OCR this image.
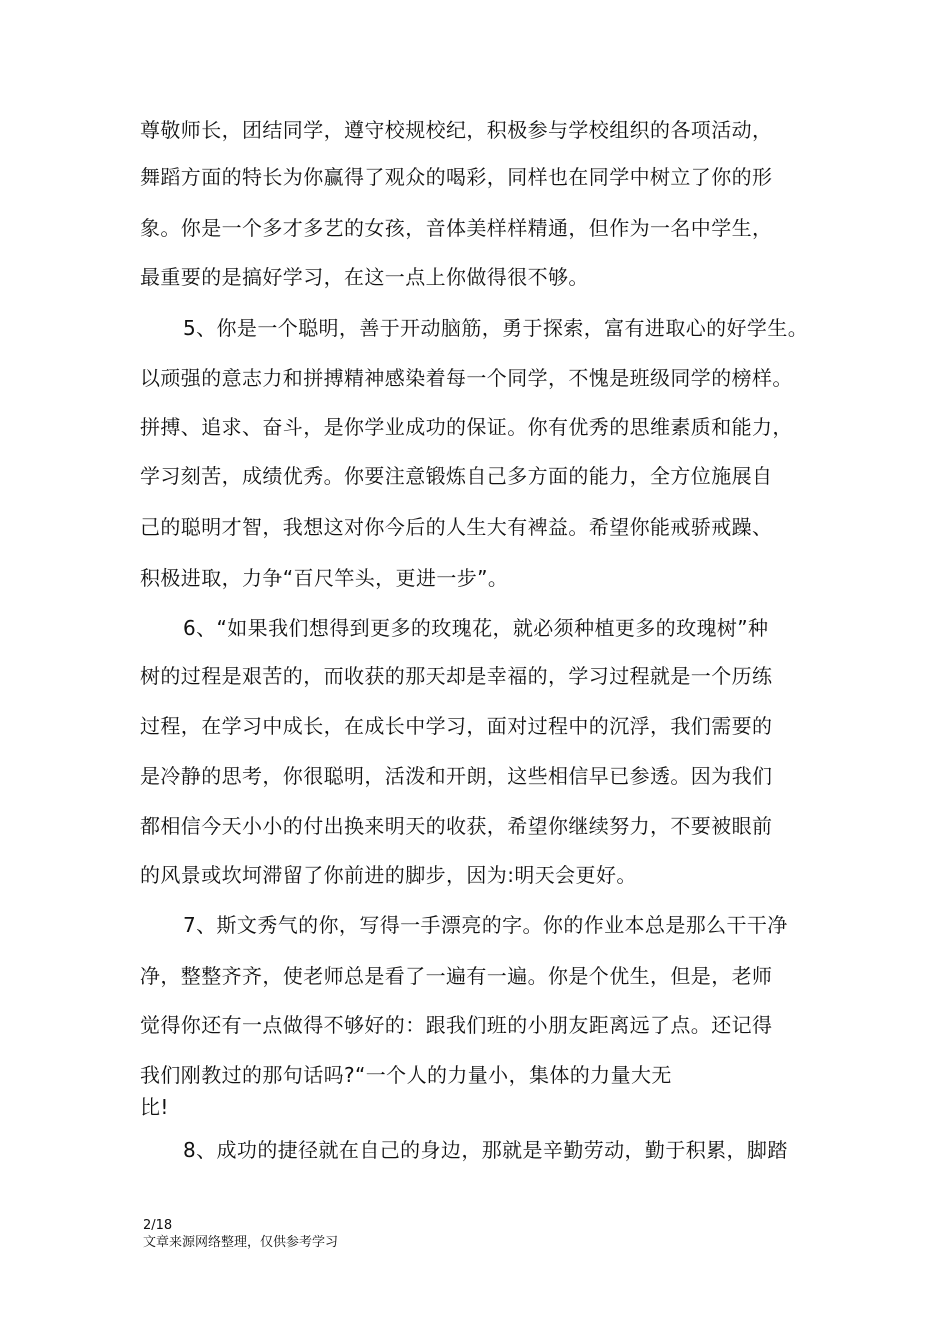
尊敬师长，团结同学，遵守校规校纪，积极参与学校组织的各项活动，
舞蹈方面的特长为你赢得了观众的喝彩，同样也在同学中树立了你的形
象。你是一个多才多艺的女孩，音体美样样精通，但作为一名中学生，
最重要的是搞好学习，在这一点上你做得很不够。
5、你是一个聪明，善于开动脑筋，勇于探索，富有进取心的好学生。
以顽强的意志力和拼搏精神感染着每一个同学，不愧是班级同学的榜样。
拼搏、追求、奋斗，是你学业成功的保证。你有优秀的思维素质和能力，
学习刻苦，成绩优秀。你要注意锻炼自己多方面的能力，全方位施展自
己的聪明才智，我想这对你今后的人生大有裨益。希望你能戒骄戒躁、
积极进取，力争“百尺竿头，更进一步”。
6、“如果我们想得到更多的玫瑰花，就必须种植更多的玫瑰树”种
树的过程是艰苦的，而收获的那天却是幸福的，学习过程就是一个历练
过程，在学习中成长，在成长中学习，面对过程中的沉浮，我们需要的
是冷静的思考，你很聪明，活泼和开朗，这些相信早已参透。因为我们
都相信今天小小的付出换来明天的收获，希望你继续努力，不要被眼前
的风景或坎坷滞留了你前进的脚步，因为:明天会更好。
7、斯文秀气的你，写得一手漂亮的字。你的作业本总是那么干干净
净，整整齐齐，使老师总是看了一遍有一遍。你是个优生，但是，老师
觉得你还有一点做得不够好的：跟我们班的小朋友距离远了点。还记得
我们刚教过的那句话吗?“一个人的力量小，集体的力量大无
比!
8、成功的捷径就在自己的身边，那就是辛勤劳动，勤于积累，脚踏
2/18
文章来源网络整理，仅供参考学习
